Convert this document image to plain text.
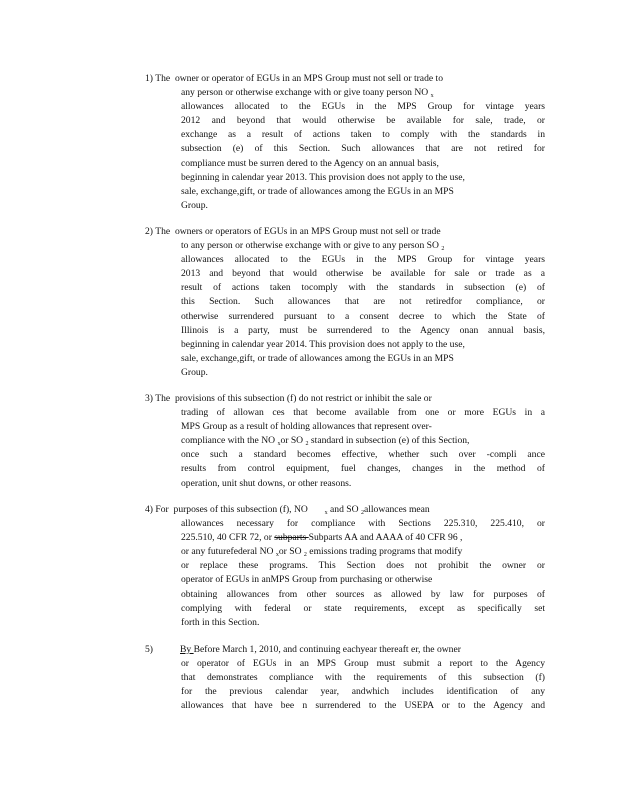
1) The owner or operator of EGUs in an MPS Group must not sell or trade to
any person or otherwise exchange with or give toany person NO $_x$
allowances allocated to the EGUs in the MPS Group for vintage years
2012 and beyond that would otherwise be available for sale, trade, or
exchange as a result of actions taken to comply with the standards in
subsection (e) of this Section. Such allowances that are not retired for
compliance must be surren dered to the Agency on an annual basis,
beginning in calendar year 2013. This provision does not apply to the use,
sale, exchange,gift, or trade of allowances among the EGUs in an MPS
Group.
2) The owners or operators of EGUs in an MPS Group must not sell or trade
to any person or otherwise exchange with or give to any person SO $_2$
allowances allocated to the EGUs in the MPS Group for vintage years
2013 and beyond that would otherwise be available for sale or trade as a
result of actions taken tocomply with the standards in subsection (e) of
this Section. Such allowances that are not retiredfor compliance, or
otherwise surrendered pursuant to a consent decree to which the State of
Illinois is a party, must be surrendered to the Agency onan annual basis,
beginning in calendar year 2014. This provision does not apply to the use,
sale, exchange,gift, or trade of allowances among the EGUs in an MPS
Group.
3) The provisions of this subsection (f) do not restrict or inhibit the sale or
trading of allowan ces that become available from one or more EGUs in a
MPS Group as a result of holding allowances that represent over-
compliance with the NO $_x$or SO $_2$ standard in subsection (e) of this Section,
once such a standard becomes effective, whether such over -compli ance
results from control equipment, fuel changes, changes in the method of
operation, unit shut downs, or other reasons.
4) For purposes of this subsection (f), NO	$_x$ and SO $_2$allowances mean
allowances necessary for compliance with Sections 225.310, 225.410, or
225.510, 40 CFR 72, or subparts Subparts AA and AAAA of 40 CFR 96 ,
or any futurefederal NO $_x$or SO $_2$ emissions trading programs that modify
or replace these programs. This Section does not prohibit the owner or
operator of EGUs in anMPS Group from purchasing or otherwise
obtaining allowances from other sources as allowed by law for purposes of
complying with federal or state requirements, except as specifically set
forth in this Section.
5)	By Before March 1, 2010, and continuing eachyear thereaft er, the owner
or operator of EGUs in an MPS Group must submit a report to the Agency
that demonstrates compliance with the requirements of this subsection (f)
for the previous calendar year, andwhich includes identification of any
allowances that have bee n surrendered to the USEPA or to the Agency and
